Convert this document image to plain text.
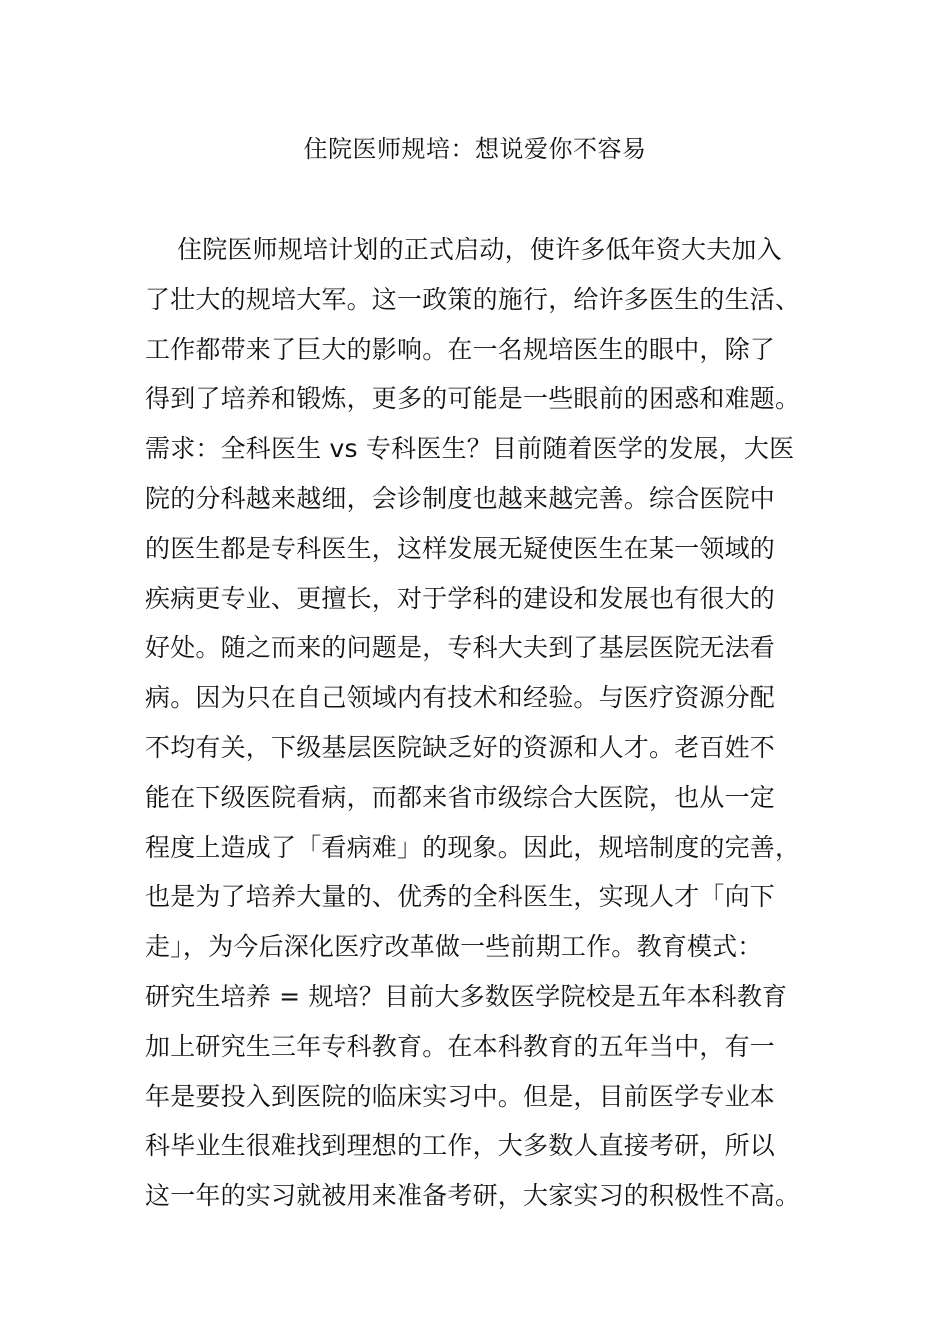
住院医师规培：想说爱你不容易
住院医师规培计划的正式启动，使许多低年资大夫加入
了壮大的规培大军。这一政策的施行，给许多医生的生活、
工作都带来了巨大的影响。在一名规培医生的眼中，除了
得到了培养和锻炼，更多的可能是一些眼前的困惑和难题。
需求：全科医生 vs 专科医生？目前随着医学的发展，大医
院的分科越来越细，会诊制度也越来越完善。综合医院中
的医生都是专科医生，这样发展无疑使医生在某一领域的
疾病更专业、更擅长，对于学科的建设和发展也有很大的
好处。随之而来的问题是，专科大夫到了基层医院无法看
病。因为只在自己领域内有技术和经验。与医疗资源分配
不均有关，下级基层医院缺乏好的资源和人才。老百姓不
能在下级医院看病，而都来省市级综合大医院，也从一定
程度上造成了「看病难」的现象。因此，规培制度的完善，
也是为了培养大量的、优秀的全科医生，实现人才「向下
走」，为今后深化医疗改革做一些前期工作。教育模式：
研究生培养 = 规培？目前大多数医学院校是五年本科教育
加上研究生三年专科教育。在本科教育的五年当中，有一
年是要投入到医院的临床实习中。但是，目前医学专业本
科毕业生很难找到理想的工作，大多数人直接考研，所以
这一年的实习就被用来准备考研，大家实习的积极性不高。
